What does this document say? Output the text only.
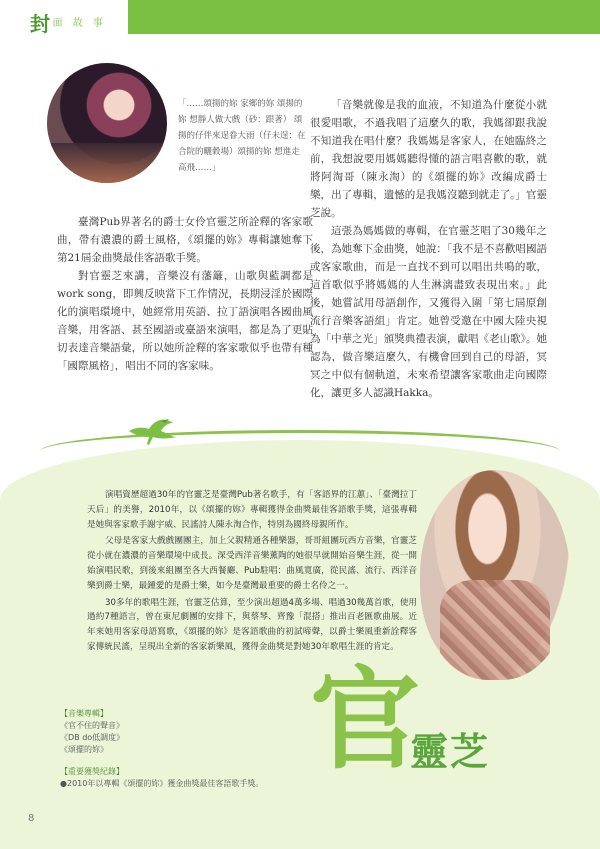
封 面 故 事
「……頌揚的妳 家鄉的妳 頌揚的妳 想靜人做大戲（砂：跟著） 頌揚的仔伴來逞眷大雨（仔未逞：在合院的曬穀場）頌揚的妳 想進走高飛……」

臺灣Pub界著名的爵士女伶官靈芝所詮釋的客家歌曲，帶有濃濃的爵士風格，《頌擺的妳》專輯讓她奪下第21屆金曲獎最佳客語歌手獎。

對官靈芝來講，音樂沒有藩籬，山歌與藍調都是work song，即興反映當下工作情況，長期浸淫於國際化的演唱環境中，她經常用英語、拉丁語演唱各國曲風音樂，用客語、甚至國語或臺語來演唱，都是為了更貼切表達音樂語彙，所以她所詮釋的客家歌似乎也帶有種「國際風格」，唱出不同的客家味。

「音樂就像是我的血液，不知道為什麼從小就很愛唱歌，不過我唱了這麼久的歌，我媽卻跟我說不知道我在唱什麼？我媽媽是客家人，在她臨終之前，我想說要用媽媽聽得懂的語言唱喜歡的歌，就將阿淘哥（陳永淘）的《頌擺的妳》改編成爵士樂，出了專輯，遺憾的是我媽沒聽到就走了。」官靈芝說。

這張為媽媽做的專輯，在官靈芝唱了30幾年之後，為她奪下金曲獎，她說：「我不是不喜歡唱國語或客家歌曲，而是一直找不到可以唱出共鳴的歌，這首歌似乎將媽媽的人生淋漓盡致表現出來。」此後，她嘗試用母語創作，又獲得入圍「第七屆原創流行音樂客語組」肯定。她曾受邀在中國大陸央視為「中華之光」頒獎典禮表演，獻唱《老山歌》。她認為，做音樂這麼久，有機會回到自己的母語，冥冥之中似有個軌道，未來希望讓客家歌曲走向國際化，讓更多人認識Hakka。

演唱資歷超過30年的官靈芝是臺灣Pub著名歌手，有「客語界的江蕙」、「臺灣拉丁天后」的美譽，2010年，以《頌擺的妳》專輯獲得金曲獎最佳客語歌手獎，這張專輯是她與客家歌手謝宇威、民謠詩人陳永淘合作，特別為國終母親所作。

父母是客家大戲戲團團主，加上父親精通各種樂器，哥哥組團玩西方音樂，官靈芝從小就在濃濃的音樂環境中成長。深受西洋音樂薰陶的她很早就開始音樂生涯，從一開始演唱民歌，到後來組團至各大西餐廳、Pub駐唱：曲風寬廣，從民謠、流行、西洋音樂到爵士樂，最鍾愛的是爵士樂，如今是臺灣最重要的爵士名伶之一。

30多年的歌唱生涯，官靈芝估算，至少演出超過4萬多場、唱過30幾萬首歌，使用過約7種語言，曾在東尼劇團的安排下，與蔡琴、齊豫「混搭」推出百老匯歌曲展。近年來她用客家母語寫歌，《頌擺的妳》是客語歌曲的初試啼聲，以爵士樂風重新詮釋客家傳統民謠，呈現出全新的客家新樂風，獲得金曲獎是對她30年歌唱生涯的肯定。

【音樂專輯】
《官不住的聲音》
《DB do低調度》
《頌擺的妳》
【重要獲獎紀錄】
●2010年以專輯《頌擺的妳》獲金曲獎最佳客語歌手獎。 官
靈芝
8
